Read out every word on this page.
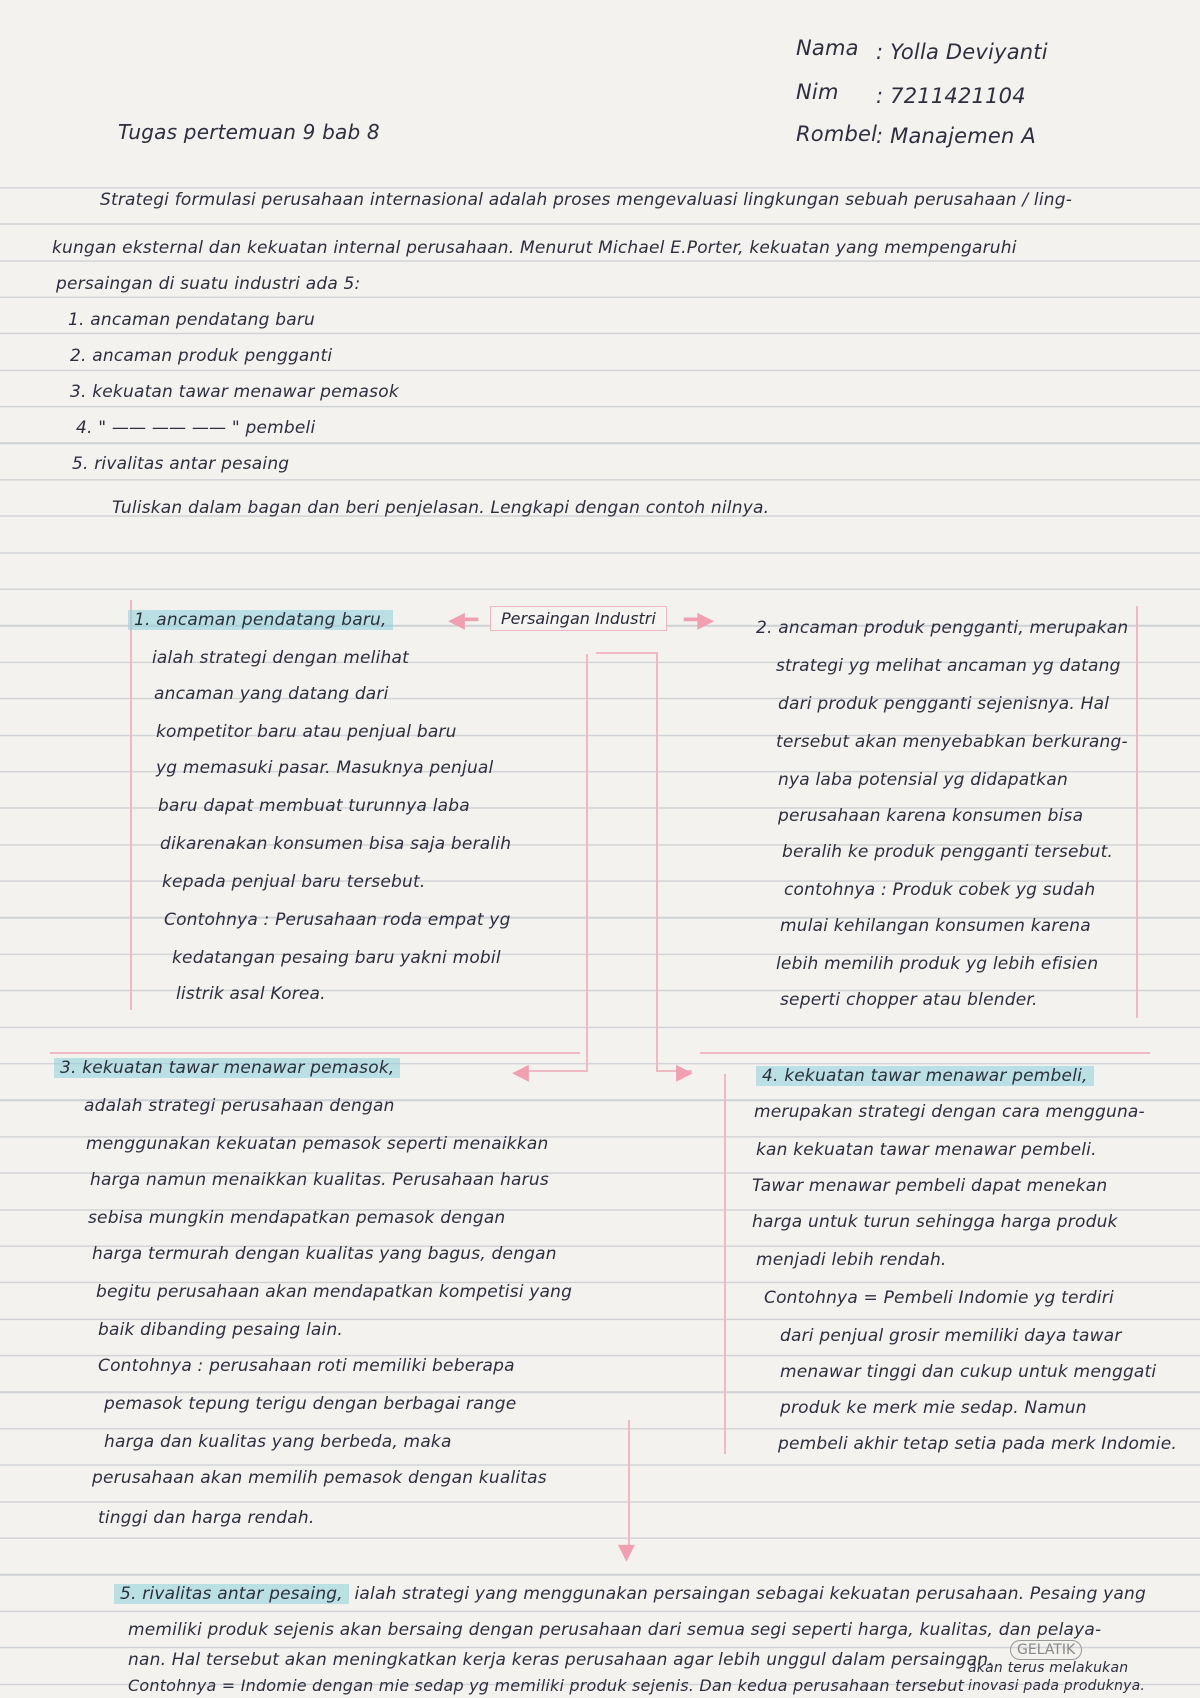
Nama : Yolla Deviyanti
Nim : 7211421104
Rombel
: Manajemen A
Tugas pertemuan 9 bab 8
Strategi formulasi perusahaan internasional adalah proses mengevaluasi lingkungan sebuah perusahaan / ling-
kungan eksternal dan kekuatan internal perusahaan. Menurut Michael E.Porter, kekuatan yang mempengaruhi
persaingan di suatu industri ada 5:
1. ancaman pendatang baru
2. ancaman produk pengganti
3. kekuatan tawar menawar pemasok
4. " —— —— —— " pembeli
5. rivalitas antar pesaing
Tuliskan dalam bagan dan beri penjelasan. Lengkapi dengan contoh nilnya.
Persaingan Industri
◀━	━▶
◀	▶
▼
1. ancaman pendatang baru,
ialah strategi dengan melihat
ancaman yang datang dari
kompetitor baru atau penjual baru
yg memasuki pasar. Masuknya penjual
baru dapat membuat turunnya laba
dikarenakan konsumen bisa saja beralih
kepada penjual baru tersebut.
Contohnya : Perusahaan roda empat yg
kedatangan pesaing baru yakni mobil
listrik asal Korea.
2. ancaman produk pengganti, merupakan
strategi yg melihat ancaman yg datang
dari produk pengganti sejenisnya. Hal
tersebut akan menyebabkan berkurang-
nya laba potensial yg didapatkan
perusahaan karena konsumen bisa
beralih ke produk pengganti tersebut.
contohnya : Produk cobek yg sudah
mulai kehilangan konsumen karena
lebih memilih produk yg lebih efisien
seperti chopper atau blender.
3. kekuatan tawar menawar pemasok,
adalah strategi perusahaan dengan
menggunakan kekuatan pemasok seperti menaikkan
harga namun menaikkan kualitas. Perusahaan harus
sebisa mungkin mendapatkan pemasok dengan
harga termurah dengan kualitas yang bagus, dengan
begitu perusahaan akan mendapatkan kompetisi yang
baik dibanding pesaing lain.
Contohnya : perusahaan roti memiliki beberapa
pemasok tepung terigu dengan berbagai range
harga dan kualitas yang berbeda, maka
perusahaan akan memilih pemasok dengan kualitas
tinggi dan harga rendah.
4. kekuatan tawar menawar pembeli,
merupakan strategi dengan cara mengguna-
kan kekuatan tawar menawar pembeli.
Tawar menawar pembeli dapat menekan
harga untuk turun sehingga harga produk
menjadi lebih rendah.
Contohnya = Pembeli Indomie yg terdiri
dari penjual grosir memiliki daya tawar
menawar tinggi dan cukup untuk menggati
produk ke merk mie sedap. Namun
pembeli akhir tetap setia pada merk Indomie.
5. rivalitas antar pesaing, ialah strategi yang menggunakan persaingan sebagai kekuatan perusahaan. Pesaing yang
memiliki produk sejenis akan bersaing dengan perusahaan dari semua segi seperti harga, kualitas, dan pelaya-
nan. Hal tersebut akan meningkatkan kerja keras perusahaan agar lebih unggul dalam persaingan.
Contohnya = Indomie dengan mie sedap yg memiliki produk sejenis. Dan kedua perusahaan tersebut
akan terus melakukan
inovasi pada produknya.
GELATIK
